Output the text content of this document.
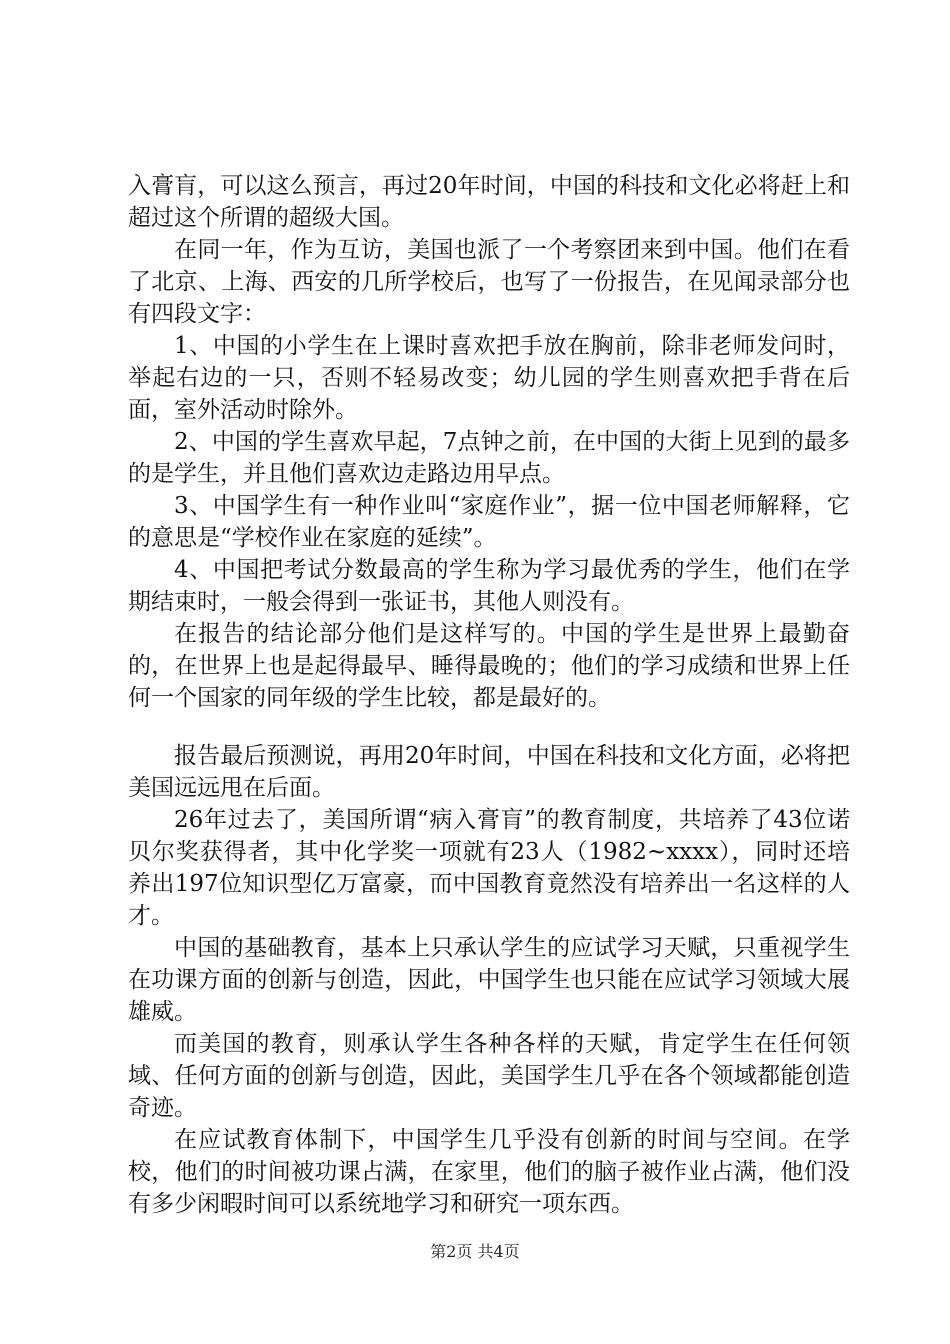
入膏肓，可以这么预言，再过20年时间，中国的科技和文化必将赶上和超过这个所谓的超级大国。

在同一年，作为互访，美国也派了一个考察团来到中国。他们在看了北京、上海、西安的几所学校后，也写了一份报告，在见闻录部分也有四段文字：

1、中国的小学生在上课时喜欢把手放在胸前，除非老师发问时，举起右边的一只，否则不轻易改变；幼儿园的学生则喜欢把手背在后面，室外活动时除外。

2、中国的学生喜欢早起，7点钟之前，在中国的大街上见到的最多的是学生，并且他们喜欢边走路边用早点。

3、中国学生有一种作业叫“家庭作业”，据一位中国老师解释，它的意思是“学校作业在家庭的延续”。

4、中国把考试分数最高的学生称为学习最优秀的学生，他们在学期结束时，一般会得到一张证书，其他人则没有。

在报告的结论部分他们是这样写的。中国的学生是世界上最勤奋的，在世界上也是起得最早、睡得最晚的；他们的学习成绩和世界上任何一个国家的同年级的学生比较，都是最好的。

报告最后预测说，再用20年时间，中国在科技和文化方面，必将把美国远远甩在后面。

26年过去了，美国所谓“病入膏肓”的教育制度，共培养了43位诺贝尔奖获得者，其中化学奖一项就有23人（1982~xxxx），同时还培养出197位知识型亿万富豪，而中国教育竟然没有培养出一名这样的人才。

中国的基础教育，基本上只承认学生的应试学习天赋，只重视学生在功课方面的创新与创造，因此，中国学生也只能在应试学习领域大展雄威。

而美国的教育，则承认学生各种各样的天赋，肯定学生在任何领域、任何方面的创新与创造，因此，美国学生几乎在各个领域都能创造奇迹。

在应试教育体制下，中国学生几乎没有创新的时间与空间。在学校，他们的时间被功课占满，在家里，他们的脑子被作业占满，他们没有多少闲暇时间可以系统地学习和研究一项东西。

第2页 共4页
